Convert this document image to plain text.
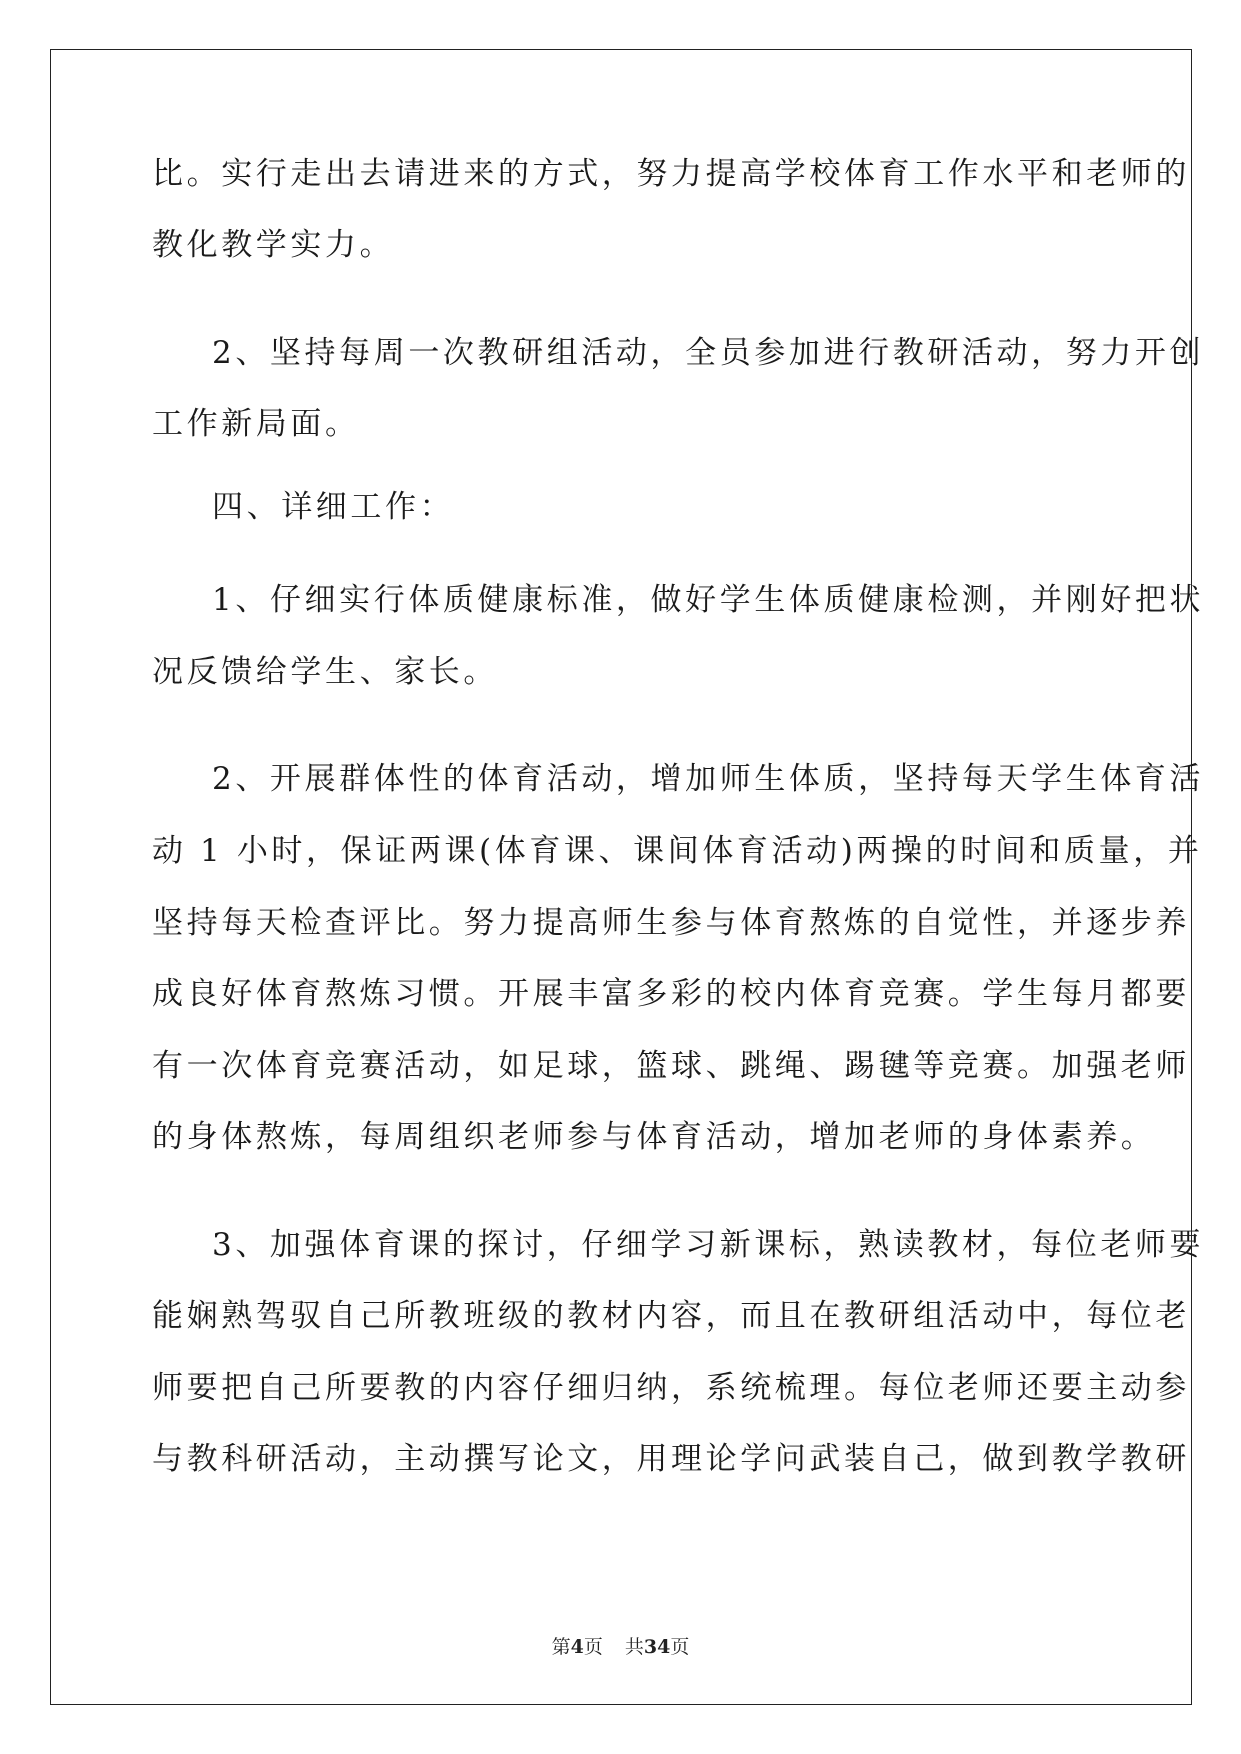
比。实行走出去请进来的方式，努力提高学校体育工作水平和老师的
教化教学实力。
2、坚持每周一次教研组活动，全员参加进行教研活动，努力开创
工作新局面。
四、详细工作：
1、仔细实行体质健康标准，做好学生体质健康检测，并刚好把状
况反馈给学生、家长。
2、开展群体性的体育活动，增加师生体质，坚持每天学生体育活
动 1 小时，保证两课(体育课、课间体育活动)两操的时间和质量，并
坚持每天检查评比。努力提高师生参与体育熬炼的自觉性，并逐步养
成良好体育熬炼习惯。开展丰富多彩的校内体育竞赛。学生每月都要
有一次体育竞赛活动，如足球，篮球、跳绳、踢毽等竞赛。加强老师
的身体熬炼，每周组织老师参与体育活动，增加老师的身体素养。
3、加强体育课的探讨，仔细学习新课标，熟读教材，每位老师要
能娴熟驾驭自己所教班级的教材内容，而且在教研组活动中，每位老
师要把自己所要教的内容仔细归纳，系统梳理。每位老师还要主动参
与教科研活动，主动撰写论文，用理论学问武装自己，做到教学教研
第4页 共34页
